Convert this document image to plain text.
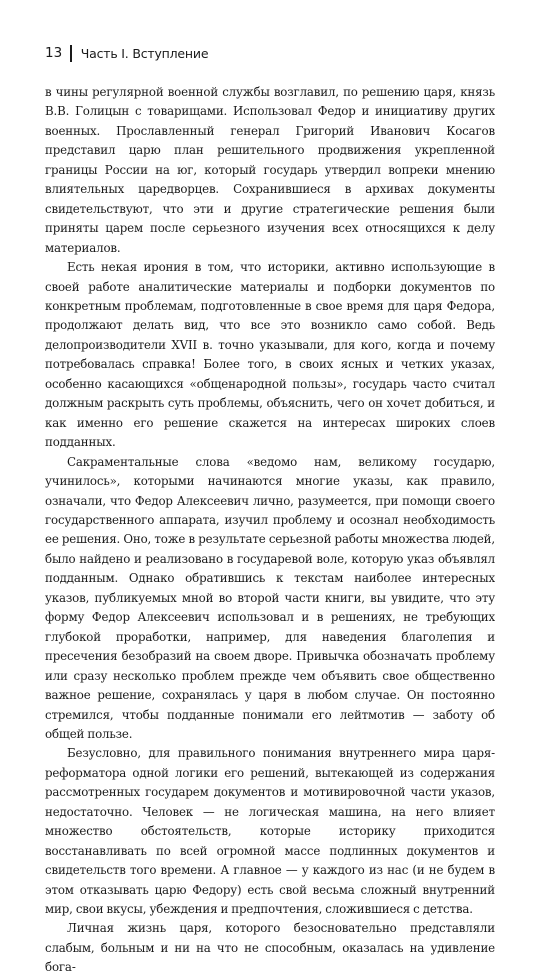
13 Часть I. Вступление

в чины регулярной военной службы возглавил, по решению царя, князь В.В. Голицын с товарищами. Использовал Федор и инициативу других военных. Прославленный генерал Григорий Иванович Косагов представил царю план решительного продвижения укрепленной границы России на юг, который государь утвердил вопреки мнению влиятельных царедворцев. Сохранившиеся в архивах документы свидетельствуют, что эти и другие стратегические решения были приняты царем после серьезного изучения всех относящихся к делу материалов.

Есть некая ирония в том, что историки, активно использующие в своей работе аналитические материалы и подборки документов по конкретным проблемам, подготовленные в свое время для царя Федора, продолжают делать вид, что все это возникло само собой. Ведь делопроизводители XVII в. точно указывали, для кого, когда и почему потребовалась справка! Более того, в своих ясных и четких указах, особенно касающихся «общенародной пользы», государь часто считал должным раскрыть суть проблемы, объяснить, чего он хочет добиться, и как именно его решение скажется на интересах широких слоев подданных.

Сакраментальные слова «ведомо нам, великому государю, учинилось», которыми начинаются многие указы, как правило, означали, что Федор Алексеевич лично, разумеется, при помощи своего государственного аппарата, изучил проблему и осознал необходимость ее решения. Оно, тоже в результате серьезной работы множества людей, было найдено и реализовано в государевой воле, которую указ объявлял подданным. Однако обратившись к текстам наиболее интересных указов, публикуемых мной во второй части книги, вы увидите, что эту форму Федор Алексеевич использовал и в решениях, не требующих глубокой проработки, например, для наведения благолепия и пресечения безобразий на своем дворе. Привычка обозначать проблему или сразу несколько проблем прежде чем объявить свое общественно важное решение, сохранялась у царя в любом случае. Он постоянно стремился, чтобы подданные понимали его лейтмотив — заботу об общей пользе.

Безусловно, для правильного понимания внутреннего мира царя-реформатора одной логики его решений, вытекающей из содержания рассмотренных государем документов и мотивировочной части указов, недостаточно. Человек — не логическая машина, на него влияет множество обстоятельств, которые историку приходится восстанавливать по всей огромной массе подлинных документов и свидетельств того времени. А главное — у каждого из нас (и не будем в этом отказывать царю Федору) есть свой весьма сложный внутренний мир, свои вкусы, убеждения и предпочтения, сложившиеся с детства.

Личная жизнь царя, которого безосновательно представляли слабым, больным и ни на что не способным, оказалась на удивление бога-
